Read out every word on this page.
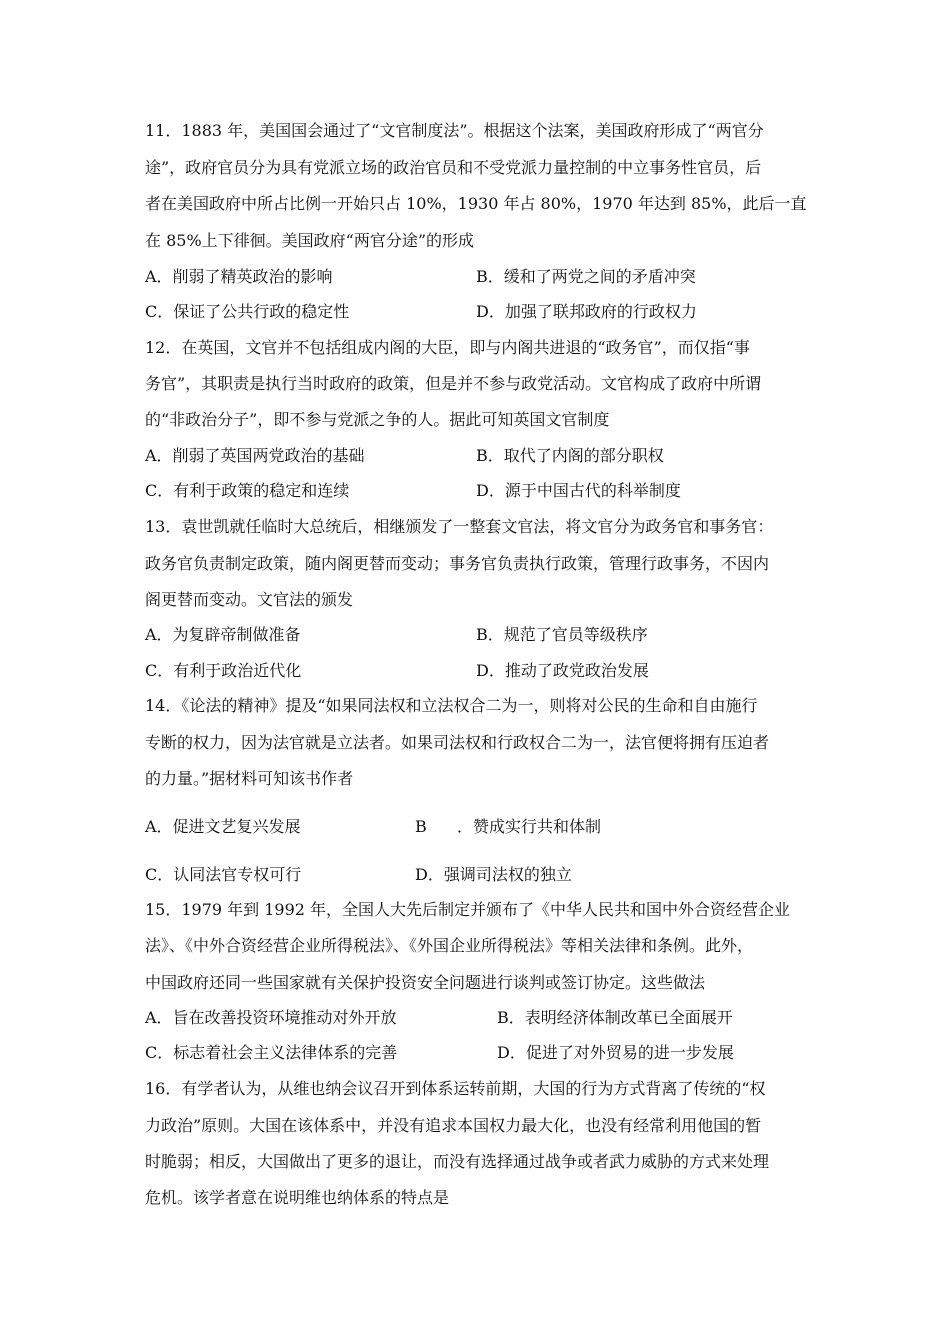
11．1883 年，美国国会通过了“文官制度法”。根据这个法案，美国政府形成了“两官分
途”，政府官员分为具有党派立场的政治官员和不受党派力量控制的中立事务性官员，后
者在美国政府中所占比例一开始只占 10%，1930 年占 80%，1970 年达到 85%，此后一直
在 85%上下徘徊。美国政府“两官分途”的形成
A．削弱了精英政治的影响	B．缓和了两党之间的矛盾冲突
C．保证了公共行政的稳定性	D．加强了联邦政府的行政权力
12．在英国，文官并不包括组成内阁的大臣，即与内阁共进退的“政务官”，而仅指“事
务官”，其职责是执行当时政府的政策，但是并不参与政党活动。文官构成了政府中所谓
的“非政治分子”，即不参与党派之争的人。据此可知英国文官制度
A．削弱了英国两党政治的基础	B．取代了内阁的部分职权
C．有利于政策的稳定和连续	D．源于中国古代的科举制度
13．袁世凯就任临时大总统后，相继颁发了一整套文官法，将文官分为政务官和事务官：
政务官负责制定政策，随内阁更替而变动；事务官负责执行政策，管理行政事务，不因内
阁更替而变动。文官法的颁发
A．为复辟帝制做准备	B．规范了官员等级秩序
C．有利于政治近代化	D．推动了政党政治发展
14．《论法的精神》提及“如果同法权和立法权合二为一，则将对公民的生命和自由施行
专断的权力，因为法官就是立法者。如果司法权和行政权合二为一，法官便将拥有压迫者
的力量。”据材料可知该书作者
A．促进文艺复兴发展	B ．赞成实行共和体制
C．认同法官专权可行	D．强调司法权的独立
15．1979 年到 1992 年，全国人大先后制定并颁布了《中华人民共和国中外合资经营企业
法》、《中外合资经营企业所得税法》、《外国企业所得税法》等相关法律和条例。此外，
中国政府还同一些国家就有关保护投资安全问题进行谈判或签订协定。这些做法
A．旨在改善投资环境推动对外开放	B．表明经济体制改革已全面展开
C．标志着社会主义法律体系的完善	D．促进了对外贸易的进一步发展
16．有学者认为，从维也纳会议召开到体系运转前期，大国的行为方式背离了传统的“权
力政治”原则。大国在该体系中，并没有追求本国权力最大化，也没有经常利用他国的暂
时脆弱；相反，大国做出了更多的退让，而没有选择通过战争或者武力威胁的方式来处理
危机。该学者意在说明维也纳体系的特点是
